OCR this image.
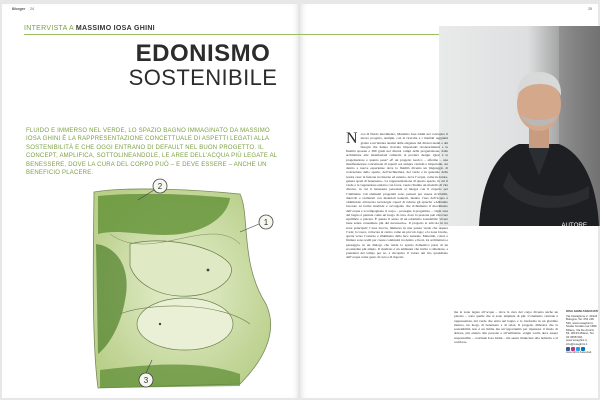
Blooger 24
INTERVISTA A MASSIMO IOSA GHINI
EDONISMO
SOSTENIBILE
FLUIDO E IMMERSO NEL VERDE, LO SPAZIO BAGNO IMMAGINATO DA MASSIMO IOSA GHINI È LA RAPPRESENTAZIONE CONCETTUALE DI ASPETTI LEGATI ALLA SOSTENIBILITÀ E CHE OGGI ENTRANO DI DEFAULT NEL BUON PROGETTO. IL CONCEPT, AMPLIFICA, SOTTOLINEANDOLE, LE AREE DELL’ACQUA PIÙ LEGATE AL BENESSERE, DOVE LA CURA DEL CORPO PUÒ – E DEVE ESSERE – ANCHE UN BENEFICIO PLACERE.
1
2
3
25
AUTORE
MASSIMO IOSA GHINI
TITOLO DEL PROGETTO
INNER EQUILIBRIUM
GARDEN
Nove di fluido movimento, Massimo Iosa Ghini nel concepire il nuovo progetto, Antipiù, con le ricerche e i risultati raggiunti grazie a un’attenta analisi delle esigenze dei diversi utenti e dei bisogni che hanno ricevuto importanti riconoscimenti e le finalità sposate a 360 gradi nei diversi campi della progettazione, dalle architetture alle installazioni culturali, ai product design. Qual è la progettazione e quanto pesa? «È un progetto teorico – afferma – una manifestazione concettuale di aspetti ora sempre centrali e importanti, sia dentro a nuove esperienze dove la fluidità diventa un linguaggio di costruzione dello spazio, dell’architettura, del verde e in generale della nostra casa: la fusione tra interno ed esterno, dove l’acqua, come in natura, genera spazi di benessere». La rappresentazione di questo spazio, in cui il verde e la vegetazione entrano con forza, vuole ribadire un modello di vita diverso, in cui il benessere personale si integra con il rispetto per l’ambiente. Gli elementi progettati sono pensati per essere riciclabili, durevoli e realizzati con materiali naturali, mentre l’uso dell’acqua è ottimizzato attraverso tecnologie capaci di ridurre gli sprechi. «Abbiamo lavorato su forme morbide e avvolgenti, che richiamano il movimento dell’acqua e accompagnano il corpo – prosegue il progettista –. Ogni area del bagno è pensata come un luogo di cura, dove la persona può ritrovare equilibrio e piacere. È questo il senso di un edonismo sostenibile: vivere bene senza consumare più del necessario». Il progetto si articola in tre zone principali: l’area doccia, immersa in una parete verde che depura l’aria; la vasca, collocata al centro come un piccolo lago; e la zona lavabo, aperta verso l’esterno e illuminata dalla luce naturale. Materiali, colori e finiture sono scelti per creare continuità tra dentro e fuori, tra architettura e paesaggio, in un dialogo che rende lo spazio domestico parte di un ecosistema più ampio. Il risultato è un ambiente che invita a rallentare, a prendersi del tempo per sé, a riscoprire il valore del rito quotidiano dell’acqua come gesto di cura e di rispetto.
ma le zone legate all’acqua – dove la cura del corpo diventa anche un piacere – sono quelle che si sono ampliate di più. L’elemento centrale è rappresentato dal verde che entra nel bagno e lo trasforma in un giardino interno, un luogo di benessere e di relax. Il progetto dimostra che la sostenibilità non è un limite ma un’opportunità per ripensare il modo di abitare, più attento alle persone e all’ambiente. «Ogni scelta deve essere responsabile – conclude Iosa Ghini – ma senza rinunciare alla bellezza e al comfort».
IOSA GHINI ASSOCIATI
Via Castiglione 2, 40124 Bologna, Tel. 051 236 520, www.iosaghini.it, Studio fondato nel 1990. Milano, Via De Amicis 53, 20123 Milano, Tel. 02 3658 940, www.iosaghini.it, info@iosaghini.it
Iosa Ghini Associati
